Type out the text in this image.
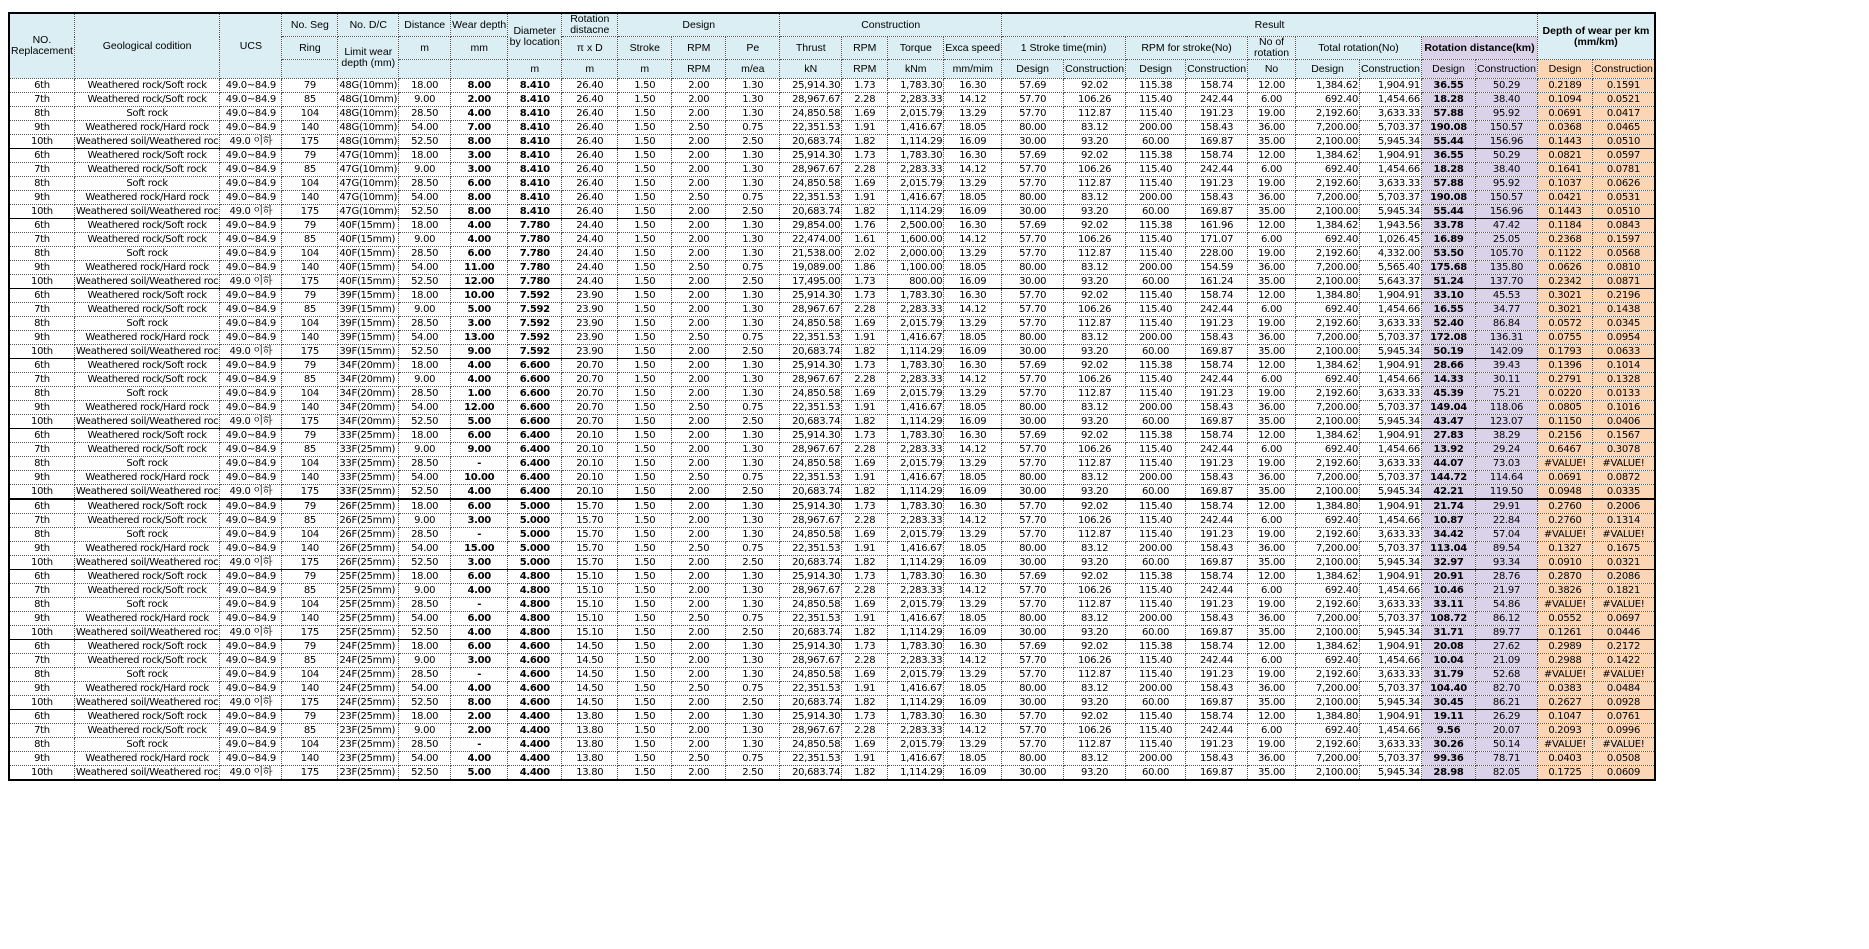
NO.
Replacement	Geological codition	UCS	No. Seg	No. D/C	Distance	Wear depth	Diameter by location	Rotation distacne	Design			Construction				Result									Depth of wear per km (mm/km)	
			Ring	Limit wear depth (mm)	m	mm		π x D	Stroke	RPM	Pe	Thrust	RPM	Torque	Exca speed	1 Stroke time(min)		RPM for stroke(No)		No of rotation	Total rotation(No)		Rotation distance(km)			
							m	m	m	RPM	m/ea	kN	RPM	kNm	mm/mim	Design	Construction	Design	Construction	No	Design	Construction	Design	Construction	Design	Construction
6th	Weathered rock/Soft rock	49.0~84.9	79	48G(10mm)	18.00	8.00	8.410	26.40	1.50	2.00	1.30	25,914.30	1.73	1,783.30	16.30	57.69	92.02	115.38	158.74	12.00	1,384.62	1,904.91	36.55	50.29	0.2189	0.1591
7th	Weathered rock/Soft rock	49.0~84.9	85	48G(10mm)	9.00	2.00	8.410	26.40	1.50	2.00	1.30	28,967.67	2.28	2,283.33	14.12	57.70	106.26	115.40	242.44	6.00	692.40	1,454.66	18.28	38.40	0.1094	0.0521
8th	Soft rock	49.0~84.9	104	48G(10mm)	28.50	4.00	8.410	26.40	1.50	2.00	1.30	24,850.58	1.69	2,015.79	13.29	57.70	112.87	115.40	191.23	19.00	2,192.60	3,633.33	57.88	95.92	0.0691	0.0417
9th	Weathered rock/Hard rock	49.0~84.9	140	48G(10mm)	54.00	7.00	8.410	26.40	1.50	2.50	0.75	22,351.53	1.91	1,416.67	18.05	80.00	83.12	200.00	158.43	36.00	7,200.00	5,703.37	190.08	150.57	0.0368	0.0465
10th	Weathered soil/Weathered roc	49.0 이하	175	48G(10mm)	52.50	8.00	8.410	26.40	1.50	2.00	2.50	20,683.74	1.82	1,114.29	16.09	30.00	93.20	60.00	169.87	35.00	2,100.00	5,945.34	55.44	156.96	0.1443	0.0510
6th	Weathered rock/Soft rock	49.0~84.9	79	47G(10mm)	18.00	3.00	8.410	26.40	1.50	2.00	1.30	25,914.30	1.73	1,783.30	16.30	57.69	92.02	115.38	158.74	12.00	1,384.62	1,904.91	36.55	50.29	0.0821	0.0597
7th	Weathered rock/Soft rock	49.0~84.9	85	47G(10mm)	9.00	3.00	8.410	26.40	1.50	2.00	1.30	28,967.67	2.28	2,283.33	14.12	57.70	106.26	115.40	242.44	6.00	692.40	1,454.66	18.28	38.40	0.1641	0.0781
8th	Soft rock	49.0~84.9	104	47G(10mm)	28.50	6.00	8.410	26.40	1.50	2.00	1.30	24,850.58	1.69	2,015.79	13.29	57.70	112.87	115.40	191.23	19.00	2,192.60	3,633.33	57.88	95.92	0.1037	0.0626
9th	Weathered rock/Hard rock	49.0~84.9	140	47G(10mm)	54.00	8.00	8.410	26.40	1.50	2.50	0.75	22,351.53	1.91	1,416.67	18.05	80.00	83.12	200.00	158.43	36.00	7,200.00	5,703.37	190.08	150.57	0.0421	0.0531
10th	Weathered soil/Weathered roc	49.0 이하	175	47G(10mm)	52.50	8.00	8.410	26.40	1.50	2.00	2.50	20,683.74	1.82	1,114.29	16.09	30.00	93.20	60.00	169.87	35.00	2,100.00	5,945.34	55.44	156.96	0.1443	0.0510
6th	Weathered rock/Soft rock	49.0~84.9	79	40F(15mm)	18.00	4.00	7.780	24.40	1.50	2.00	1.30	29,854.00	1.76	2,500.00	16.30	57.69	92.02	115.38	161.96	12.00	1,384.62	1,943.56	33.78	47.42	0.1184	0.0843
7th	Weathered rock/Soft rock	49.0~84.9	85	40F(15mm)	9.00	4.00	7.780	24.40	1.50	2.00	1.30	22,474.00	1.61	1,600.00	14.12	57.70	106.26	115.40	171.07	6.00	692.40	1,026.45	16.89	25.05	0.2368	0.1597
8th	Soft rock	49.0~84.9	104	40F(15mm)	28.50	6.00	7.780	24.40	1.50	2.00	1.30	21,538.00	2.02	2,000.00	13.29	57.70	112.87	115.40	228.00	19.00	2,192.60	4,332.00	53.50	105.70	0.1122	0.0568
9th	Weathered rock/Hard rock	49.0~84.9	140	40F(15mm)	54.00	11.00	7.780	24.40	1.50	2.50	0.75	19,089.00	1.86	1,100.00	18.05	80.00	83.12	200.00	154.59	36.00	7,200.00	5,565.40	175.68	135.80	0.0626	0.0810
10th	Weathered soil/Weathered roc	49.0 이하	175	40F(15mm)	52.50	12.00	7.780	24.40	1.50	2.00	2.50	17,495.00	1.73	800.00	16.09	30.00	93.20	60.00	161.24	35.00	2,100.00	5,643.37	51.24	137.70	0.2342	0.0871
6th	Weathered rock/Soft rock	49.0~84.9	79	39F(15mm)	18.00	10.00	7.592	23.90	1.50	2.00	1.30	25,914.30	1.73	1,783.30	16.30	57.70	92.02	115.40	158.74	12.00	1,384.80	1,904.91	33.10	45.53	0.3021	0.2196
7th	Weathered rock/Soft rock	49.0~84.9	85	39F(15mm)	9.00	5.00	7.592	23.90	1.50	2.00	1.30	28,967.67	2.28	2,283.33	14.12	57.70	106.26	115.40	242.44	6.00	692.40	1,454.66	16.55	34.77	0.3021	0.1438
8th	Soft rock	49.0~84.9	104	39F(15mm)	28.50	3.00	7.592	23.90	1.50	2.00	1.30	24,850.58	1.69	2,015.79	13.29	57.70	112.87	115.40	191.23	19.00	2,192.60	3,633.33	52.40	86.84	0.0572	0.0345
9th	Weathered rock/Hard rock	49.0~84.9	140	39F(15mm)	54.00	13.00	7.592	23.90	1.50	2.50	0.75	22,351.53	1.91	1,416.67	18.05	80.00	83.12	200.00	158.43	36.00	7,200.00	5,703.37	172.08	136.31	0.0755	0.0954
10th	Weathered soil/Weathered roc	49.0 이하	175	39F(15mm)	52.50	9.00	7.592	23.90	1.50	2.00	2.50	20,683.74	1.82	1,114.29	16.09	30.00	93.20	60.00	169.87	35.00	2,100.00	5,945.34	50.19	142.09	0.1793	0.0633
6th	Weathered rock/Soft rock	49.0~84.9	79	34F(20mm)	18.00	4.00	6.600	20.70	1.50	2.00	1.30	25,914.30	1.73	1,783.30	16.30	57.69	92.02	115.38	158.74	12.00	1,384.62	1,904.91	28.66	39.43	0.1396	0.1014
7th	Weathered rock/Soft rock	49.0~84.9	85	34F(20mm)	9.00	4.00	6.600	20.70	1.50	2.00	1.30	28,967.67	2.28	2,283.33	14.12	57.70	106.26	115.40	242.44	6.00	692.40	1,454.66	14.33	30.11	0.2791	0.1328
8th	Soft rock	49.0~84.9	104	34F(20mm)	28.50	1.00	6.600	20.70	1.50	2.00	1.30	24,850.58	1.69	2,015.79	13.29	57.70	112.87	115.40	191.23	19.00	2,192.60	3,633.33	45.39	75.21	0.0220	0.0133
9th	Weathered rock/Hard rock	49.0~84.9	140	34F(20mm)	54.00	12.00	6.600	20.70	1.50	2.50	0.75	22,351.53	1.91	1,416.67	18.05	80.00	83.12	200.00	158.43	36.00	7,200.00	5,703.37	149.04	118.06	0.0805	0.1016
10th	Weathered soil/Weathered roc	49.0 이하	175	34F(20mm)	52.50	5.00	6.600	20.70	1.50	2.00	2.50	20,683.74	1.82	1,114.29	16.09	30.00	93.20	60.00	169.87	35.00	2,100.00	5,945.34	43.47	123.07	0.1150	0.0406
6th	Weathered rock/Soft rock	49.0~84.9	79	33F(25mm)	18.00	6.00	6.400	20.10	1.50	2.00	1.30	25,914.30	1.73	1,783.30	16.30	57.69	92.02	115.38	158.74	12.00	1,384.62	1,904.91	27.83	38.29	0.2156	0.1567
7th	Weathered rock/Soft rock	49.0~84.9	85	33F(25mm)	9.00	9.00	6.400	20.10	1.50	2.00	1.30	28,967.67	2.28	2,283.33	14.12	57.70	106.26	115.40	242.44	6.00	692.40	1,454.66	13.92	29.24	0.6467	0.3078
8th	Soft rock	49.0~84.9	104	33F(25mm)	28.50	-	6.400	20.10	1.50	2.00	1.30	24,850.58	1.69	2,015.79	13.29	57.70	112.87	115.40	191.23	19.00	2,192.60	3,633.33	44.07	73.03	#VALUE!	#VALUE!
9th	Weathered rock/Hard rock	49.0~84.9	140	33F(25mm)	54.00	10.00	6.400	20.10	1.50	2.50	0.75	22,351.53	1.91	1,416.67	18.05	80.00	83.12	200.00	158.43	36.00	7,200.00	5,703.37	144.72	114.64	0.0691	0.0872
10th	Weathered soil/Weathered roc	49.0 이하	175	33F(25mm)	52.50	4.00	6.400	20.10	1.50	2.00	2.50	20,683.74	1.82	1,114.29	16.09	30.00	93.20	60.00	169.87	35.00	2,100.00	5,945.34	42.21	119.50	0.0948	0.0335
6th	Weathered rock/Soft rock	49.0~84.9	79	26F(25mm)	18.00	6.00	5.000	15.70	1.50	2.00	1.30	25,914.30	1.73	1,783.30	16.30	57.70	92.02	115.40	158.74	12.00	1,384.80	1,904.91	21.74	29.91	0.2760	0.2006
7th	Weathered rock/Soft rock	49.0~84.9	85	26F(25mm)	9.00	3.00	5.000	15.70	1.50	2.00	1.30	28,967.67	2.28	2,283.33	14.12	57.70	106.26	115.40	242.44	6.00	692.40	1,454.66	10.87	22.84	0.2760	0.1314
8th	Soft rock	49.0~84.9	104	26F(25mm)	28.50	-	5.000	15.70	1.50	2.00	1.30	24,850.58	1.69	2,015.79	13.29	57.70	112.87	115.40	191.23	19.00	2,192.60	3,633.33	34.42	57.04	#VALUE!	#VALUE!
9th	Weathered rock/Hard rock	49.0~84.9	140	26F(25mm)	54.00	15.00	5.000	15.70	1.50	2.50	0.75	22,351.53	1.91	1,416.67	18.05	80.00	83.12	200.00	158.43	36.00	7,200.00	5,703.37	113.04	89.54	0.1327	0.1675
10th	Weathered soil/Weathered roc	49.0 이하	175	26F(25mm)	52.50	3.00	5.000	15.70	1.50	2.00	2.50	20,683.74	1.82	1,114.29	16.09	30.00	93.20	60.00	169.87	35.00	2,100.00	5,945.34	32.97	93.34	0.0910	0.0321
6th	Weathered rock/Soft rock	49.0~84.9	79	25F(25mm)	18.00	6.00	4.800	15.10	1.50	2.00	1.30	25,914.30	1.73	1,783.30	16.30	57.69	92.02	115.38	158.74	12.00	1,384.62	1,904.91	20.91	28.76	0.2870	0.2086
7th	Weathered rock/Soft rock	49.0~84.9	85	25F(25mm)	9.00	4.00	4.800	15.10	1.50	2.00	1.30	28,967.67	2.28	2,283.33	14.12	57.70	106.26	115.40	242.44	6.00	692.40	1,454.66	10.46	21.97	0.3826	0.1821
8th	Soft rock	49.0~84.9	104	25F(25mm)	28.50	-	4.800	15.10	1.50	2.00	1.30	24,850.58	1.69	2,015.79	13.29	57.70	112.87	115.40	191.23	19.00	2,192.60	3,633.33	33.11	54.86	#VALUE!	#VALUE!
9th	Weathered rock/Hard rock	49.0~84.9	140	25F(25mm)	54.00	6.00	4.800	15.10	1.50	2.50	0.75	22,351.53	1.91	1,416.67	18.05	80.00	83.12	200.00	158.43	36.00	7,200.00	5,703.37	108.72	86.12	0.0552	0.0697
10th	Weathered soil/Weathered roc	49.0 이하	175	25F(25mm)	52.50	4.00	4.800	15.10	1.50	2.00	2.50	20,683.74	1.82	1,114.29	16.09	30.00	93.20	60.00	169.87	35.00	2,100.00	5,945.34	31.71	89.77	0.1261	0.0446
6th	Weathered rock/Soft rock	49.0~84.9	79	24F(25mm)	18.00	6.00	4.600	14.50	1.50	2.00	1.30	25,914.30	1.73	1,783.30	16.30	57.69	92.02	115.38	158.74	12.00	1,384.62	1,904.91	20.08	27.62	0.2989	0.2172
7th	Weathered rock/Soft rock	49.0~84.9	85	24F(25mm)	9.00	3.00	4.600	14.50	1.50	2.00	1.30	28,967.67	2.28	2,283.33	14.12	57.70	106.26	115.40	242.44	6.00	692.40	1,454.66	10.04	21.09	0.2988	0.1422
8th	Soft rock	49.0~84.9	104	24F(25mm)	28.50	-	4.600	14.50	1.50	2.00	1.30	24,850.58	1.69	2,015.79	13.29	57.70	112.87	115.40	191.23	19.00	2,192.60	3,633.33	31.79	52.68	#VALUE!	#VALUE!
9th	Weathered rock/Hard rock	49.0~84.9	140	24F(25mm)	54.00	4.00	4.600	14.50	1.50	2.50	0.75	22,351.53	1.91	1,416.67	18.05	80.00	83.12	200.00	158.43	36.00	7,200.00	5,703.37	104.40	82.70	0.0383	0.0484
10th	Weathered soil/Weathered roc	49.0 이하	175	24F(25mm)	52.50	8.00	4.600	14.50	1.50	2.00	2.50	20,683.74	1.82	1,114.29	16.09	30.00	93.20	60.00	169.87	35.00	2,100.00	5,945.34	30.45	86.21	0.2627	0.0928
6th	Weathered rock/Soft rock	49.0~84.9	79	23F(25mm)	18.00	2.00	4.400	13.80	1.50	2.00	1.30	25,914.30	1.73	1,783.30	16.30	57.70	92.02	115.40	158.74	12.00	1,384.80	1,904.91	19.11	26.29	0.1047	0.0761
7th	Weathered rock/Soft rock	49.0~84.9	85	23F(25mm)	9.00	2.00	4.400	13.80	1.50	2.00	1.30	28,967.67	2.28	2,283.33	14.12	57.70	106.26	115.40	242.44	6.00	692.40	1,454.66	9.56	20.07	0.2093	0.0996
8th	Soft rock	49.0~84.9	104	23F(25mm)	28.50	-	4.400	13.80	1.50	2.00	1.30	24,850.58	1.69	2,015.79	13.29	57.70	112.87	115.40	191.23	19.00	2,192.60	3,633.33	30.26	50.14	#VALUE!	#VALUE!
9th	Weathered rock/Hard rock	49.0~84.9	140	23F(25mm)	54.00	4.00	4.400	13.80	1.50	2.50	0.75	22,351.53	1.91	1,416.67	18.05	80.00	83.12	200.00	158.43	36.00	7,200.00	5,703.37	99.36	78.71	0.0403	0.0508
10th	Weathered soil/Weathered roc	49.0 이하	175	23F(25mm)	52.50	5.00	4.400	13.80	1.50	2.00	2.50	20,683.74	1.82	1,114.29	16.09	30.00	93.20	60.00	169.87	35.00	2,100.00	5,945.34	28.98	82.05	0.1725	0.0609
